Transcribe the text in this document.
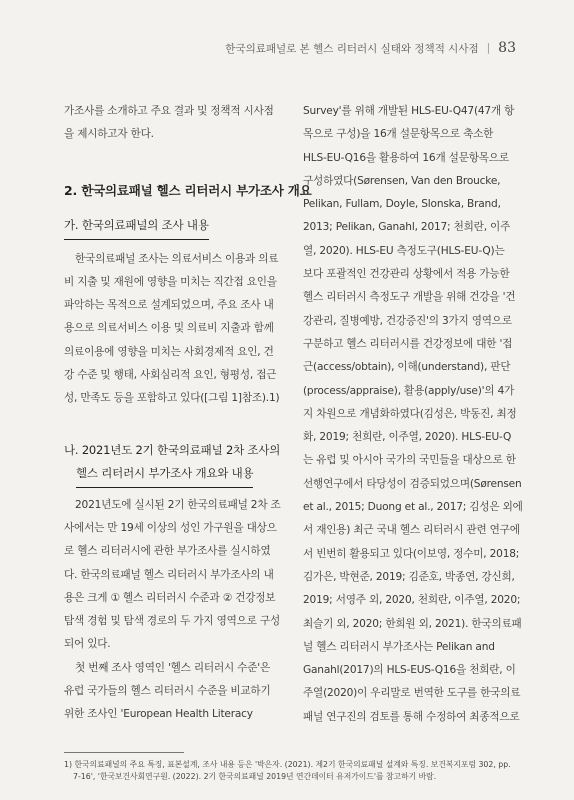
한국의료패널로 본 헬스 리터러시 실태와 정책적 시사점 | 83

가조사를 소개하고 주요 결과 및 정책적 시사점
을 제시하고자 한다.

2. 한국의료패널 헬스 리터러시 부가조사 개요
가. 한국의료패널의 조사 내용

한국의료패널 조사는 의료서비스 이용과 의료
비 지출 및 재원에 영향을 미치는 직간접 요인을
파악하는 목적으로 설계되었으며, 주요 조사 내
용으로 의료서비스 이용 및 의료비 지출과 함께
의료이용에 영향을 미치는 사회경제적 요인, 건
강 수준 및 행태, 사회심리적 요인, 형평성, 접근
성, 만족도 등을 포함하고 있다([그림 1]참조).1)

나. 2021년도 2기 한국의료패널 2차 조사의
헬스 리터러시 부가조사 개요와 내용

2021년도에 실시된 2기 한국의료패널 2차 조
사에서는 만 19세 이상의 성인 가구원을 대상으
로 헬스 리터러시에 관한 부가조사를 실시하였
다. 한국의료패널 헬스 리터러시 부가조사의 내
용은 크게 ① 헬스 리터러시 수준과 ② 건강정보
탐색 경험 및 탐색 경로의 두 가지 영역으로 구성
되어 있다.

첫 번째 조사 영역인 '헬스 리터러시 수준'은
유럽 국가들의 헬스 리터러시 수준을 비교하기
위한 조사인 'European Health Literacy

Survey'를 위해 개발된 HLS-EU-Q47(47개 항
목으로 구성)을 16개 설문항목으로 축소한
HLS-EU-Q16을 활용하여 16개 설문항목으로
구성하였다(Sørensen, Van den Broucke,
Pelikan, Fullam, Doyle, Slonska, Brand,
2013; Pelikan, Ganahl, 2017; 천희란, 이주
열, 2020). HLS-EU 측정도구(HLS-EU-Q)는
보다 포괄적인 건강관리 상황에서 적용 가능한
헬스 리터러시 측정도구 개발을 위해 건강을 '건
강관리, 질병예방, 건강증진'의 3가지 영역으로
구분하고 헬스 리터러시를 건강정보에 대한 '접
근(access/obtain), 이해(understand), 판단
(process/appraise), 활용(apply/use)'의 4가
지 차원으로 개념화하였다(김성은, 박동진, 최정
화, 2019; 천희란, 이주열, 2020). HLS-EU-Q
는 유럽 및 아시아 국가의 국민들을 대상으로 한
선행연구에서 타당성이 검증되었으며(Sørensen
et al., 2015; Duong et al., 2017; 김성은 외에
서 재인용) 최근 국내 헬스 리터러시 관련 연구에
서 빈번히 활용되고 있다(이보영, 정수미, 2018;
김가은, 박현준, 2019; 김준호, 박종연, 강신희,
2019; 서영주 외, 2020, 천희란, 이주열, 2020;
최슬기 외, 2020; 한희원 외, 2021). 한국의료패
널 헬스 리터러시 부가조사는 Pelikan and
Ganahl(2017)의 HLS-EUS-Q16을 천희란, 이
주열(2020)이 우리말로 번역한 도구를 한국의료
패널 연구진의 검토를 통해 수정하여 최종적으로

1) 한국의료패널의 주요 특징, 표본설계, 조사 내용 등은 '박은자. (2021). 제2기 한국의료패널 설계와 특징. 보건복지포럼 302, pp.
7-16', '한국보건사회연구원. (2022). 2기 한국의료패널 2019년 연간데이터 유저가이드'를 참고하기 바람.
